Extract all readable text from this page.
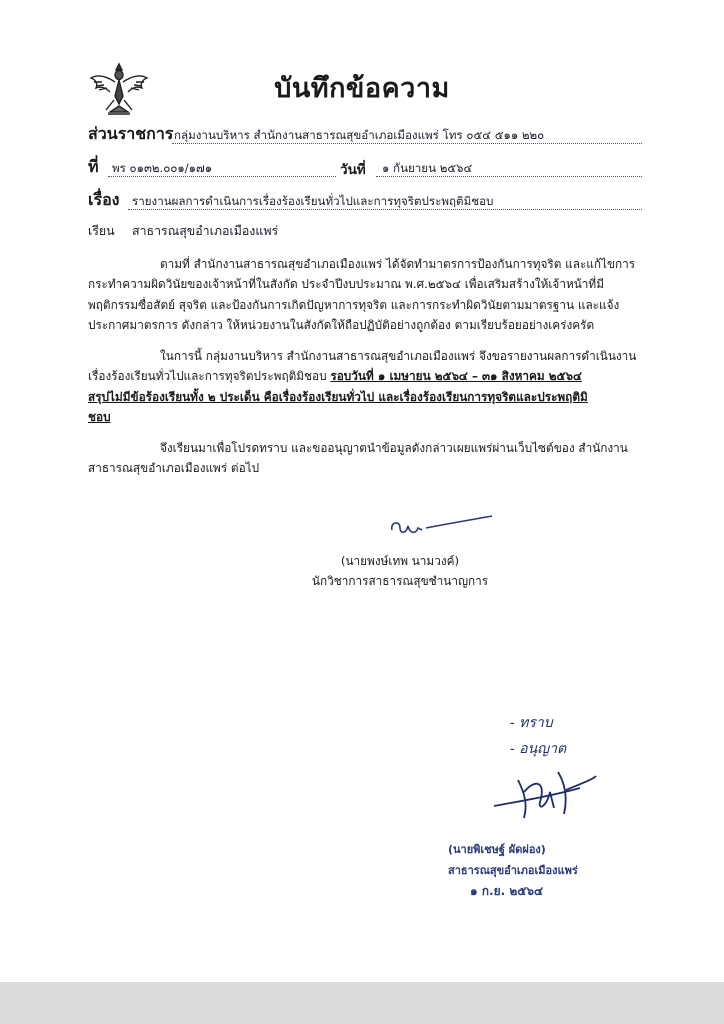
บันทึกข้อความ
ส่วนราชการ กลุ่มงานบริหาร สำนักงานสาธารณสุขอำเภอเมืองแพร่ โทร ๐๕๔ ๕๑๑ ๒๒๐
ที่ พร ๐๑๓๒.๐๐๑/๑๗๑	วันที่ ๑ กันยายน ๒๕๖๔
เรื่อง รายงานผลการดำเนินการเรื่องร้องเรียนทั่วไปและการทุจริตประพฤติมิชอบ
เรียน สาธารณสุขอำเภอเมืองแพร่
ตามที่ สำนักงานสาธารณสุขอำเภอเมืองแพร่ ได้จัดทำมาตรการป้องกันการทุจริต และแก้ไขการ
กระทำความผิดวินัยของเจ้าหน้าที่ในสังกัด ประจำปีงบประมาณ พ.ศ.๒๕๖๔ เพื่อเสริมสร้างให้เจ้าหน้าที่มี
พฤติกรรมซื่อสัตย์ สุจริต และป้องกันการเกิดปัญหาการทุจริต และการกระทำผิดวินัยตามมาตรฐาน และแจ้ง
ประกาศมาตรการ ดังกล่าว ให้หน่วยงานในสังกัดให้ถือปฏิบัติอย่างถูกต้อง ตามเรียบร้อยอย่างเคร่งครัด
ในการนี้ กลุ่มงานบริหาร สำนักงานสาธารณสุขอำเภอเมืองแพร่ จึงขอรายงานผลการดำเนินงาน
เรื่องร้องเรียนทั่วไปและการทุจริตประพฤติมิชอบ รอบวันที่ ๑ เมษายน ๒๕๖๔ – ๓๑ สิงหาคม ๒๕๖๔
สรุปไม่มีข้อร้องเรียนทั้ง ๒ ประเด็น คือเรื่องร้องเรียนทั่วไป และเรื่องร้องเรียนการทุจริตและประพฤติมิ
ชอบ
จึงเรียนมาเพื่อโปรดทราบ และขออนุญาตนำข้อมูลดังกล่าวเผยแพร่ผ่านเว็บไซต์ของ สำนักงาน
สาธารณสุขอำเภอเมืองแพร่ ต่อไป
(นายพงษ์เทพ นามวงค์)
นักวิชาการสาธารณสุขชำนาญการ
- ทราบ
- อนุญาต
(นายพิเชษฐ์ ผัดผ่อง)
สาธารณสุขอำเภอเมืองแพร่
๑ ก.ย. ๒๕๖๔
